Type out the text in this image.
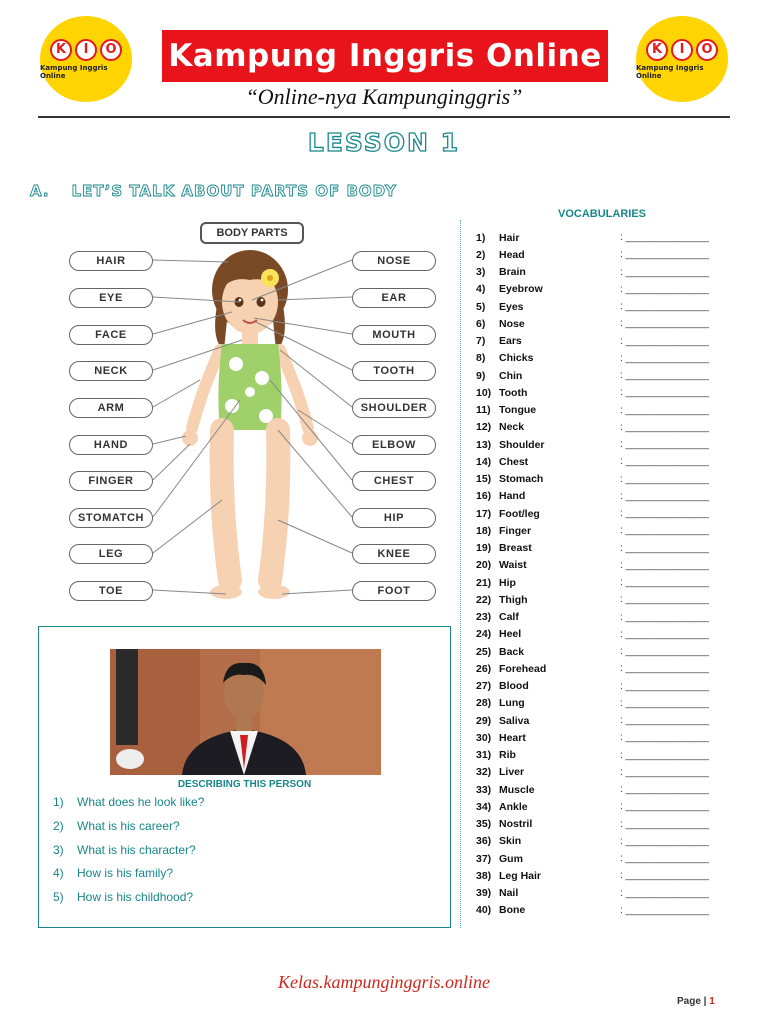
K	I	O
Kampung Inggris Online
Kampung Inggris Online	K	I	O
Kampung Inggris Online
“Online-nya Kampunginggris”
LESSON 1
A. LET’S TALK ABOUT PARTS OF BODY
BODY PARTS
HAIR
EYE
FACE
NECK
ARM
HAND
FINGER
STOMATCH
LEG
TOE
NOSE
EAR
MOUTH
TOOTH
SHOULDER
ELBOW
CHEST
HIP
KNEE
FOOT
VOCABULARIES
1)	Hair	: _______________
2)	Head	: _______________
3)	Brain	: _______________
4)	Eyebrow	: _______________
5)	Eyes	: _______________
6)	Nose	: _______________
7)	Ears	: _______________
8)	Chicks	: _______________
9)	Chin	: _______________
10) Tooth	: _______________
11) Tongue	: _______________
12) Neck	: _______________
13) Shoulder	: _______________
14) Chest	: _______________
15) Stomach	: _______________
16) Hand	: _______________
17) Foot/leg	: _______________
18) Finger	: _______________
19) Breast	: _______________
20) Waist	: _______________
21) Hip	: _______________
22) Thigh	: _______________
23) Calf	: _______________
24) Heel	: _______________
25) Back	: _______________
26) Forehead	: _______________
27) Blood	: _______________
28) Lung	: _______________
29) Saliva	: _______________
30) Heart	: _______________
31) Rib	: _______________
32) Liver	: _______________
33) Muscle	: _______________
34) Ankle	: _______________
35) Nostril	: _______________
36) Skin	: _______________
37) Gum	: _______________
38) Leg Hair	: _______________
39) Nail	: _______________
40) Bone	: _______________
DESCRIBING THIS PERSON
1)	What does he look like?
2)	What is his career?
3)	What is his character?
4)	How is his family?
5)	How is his childhood?
Kelas.kampunginggris.online
Page | 1
